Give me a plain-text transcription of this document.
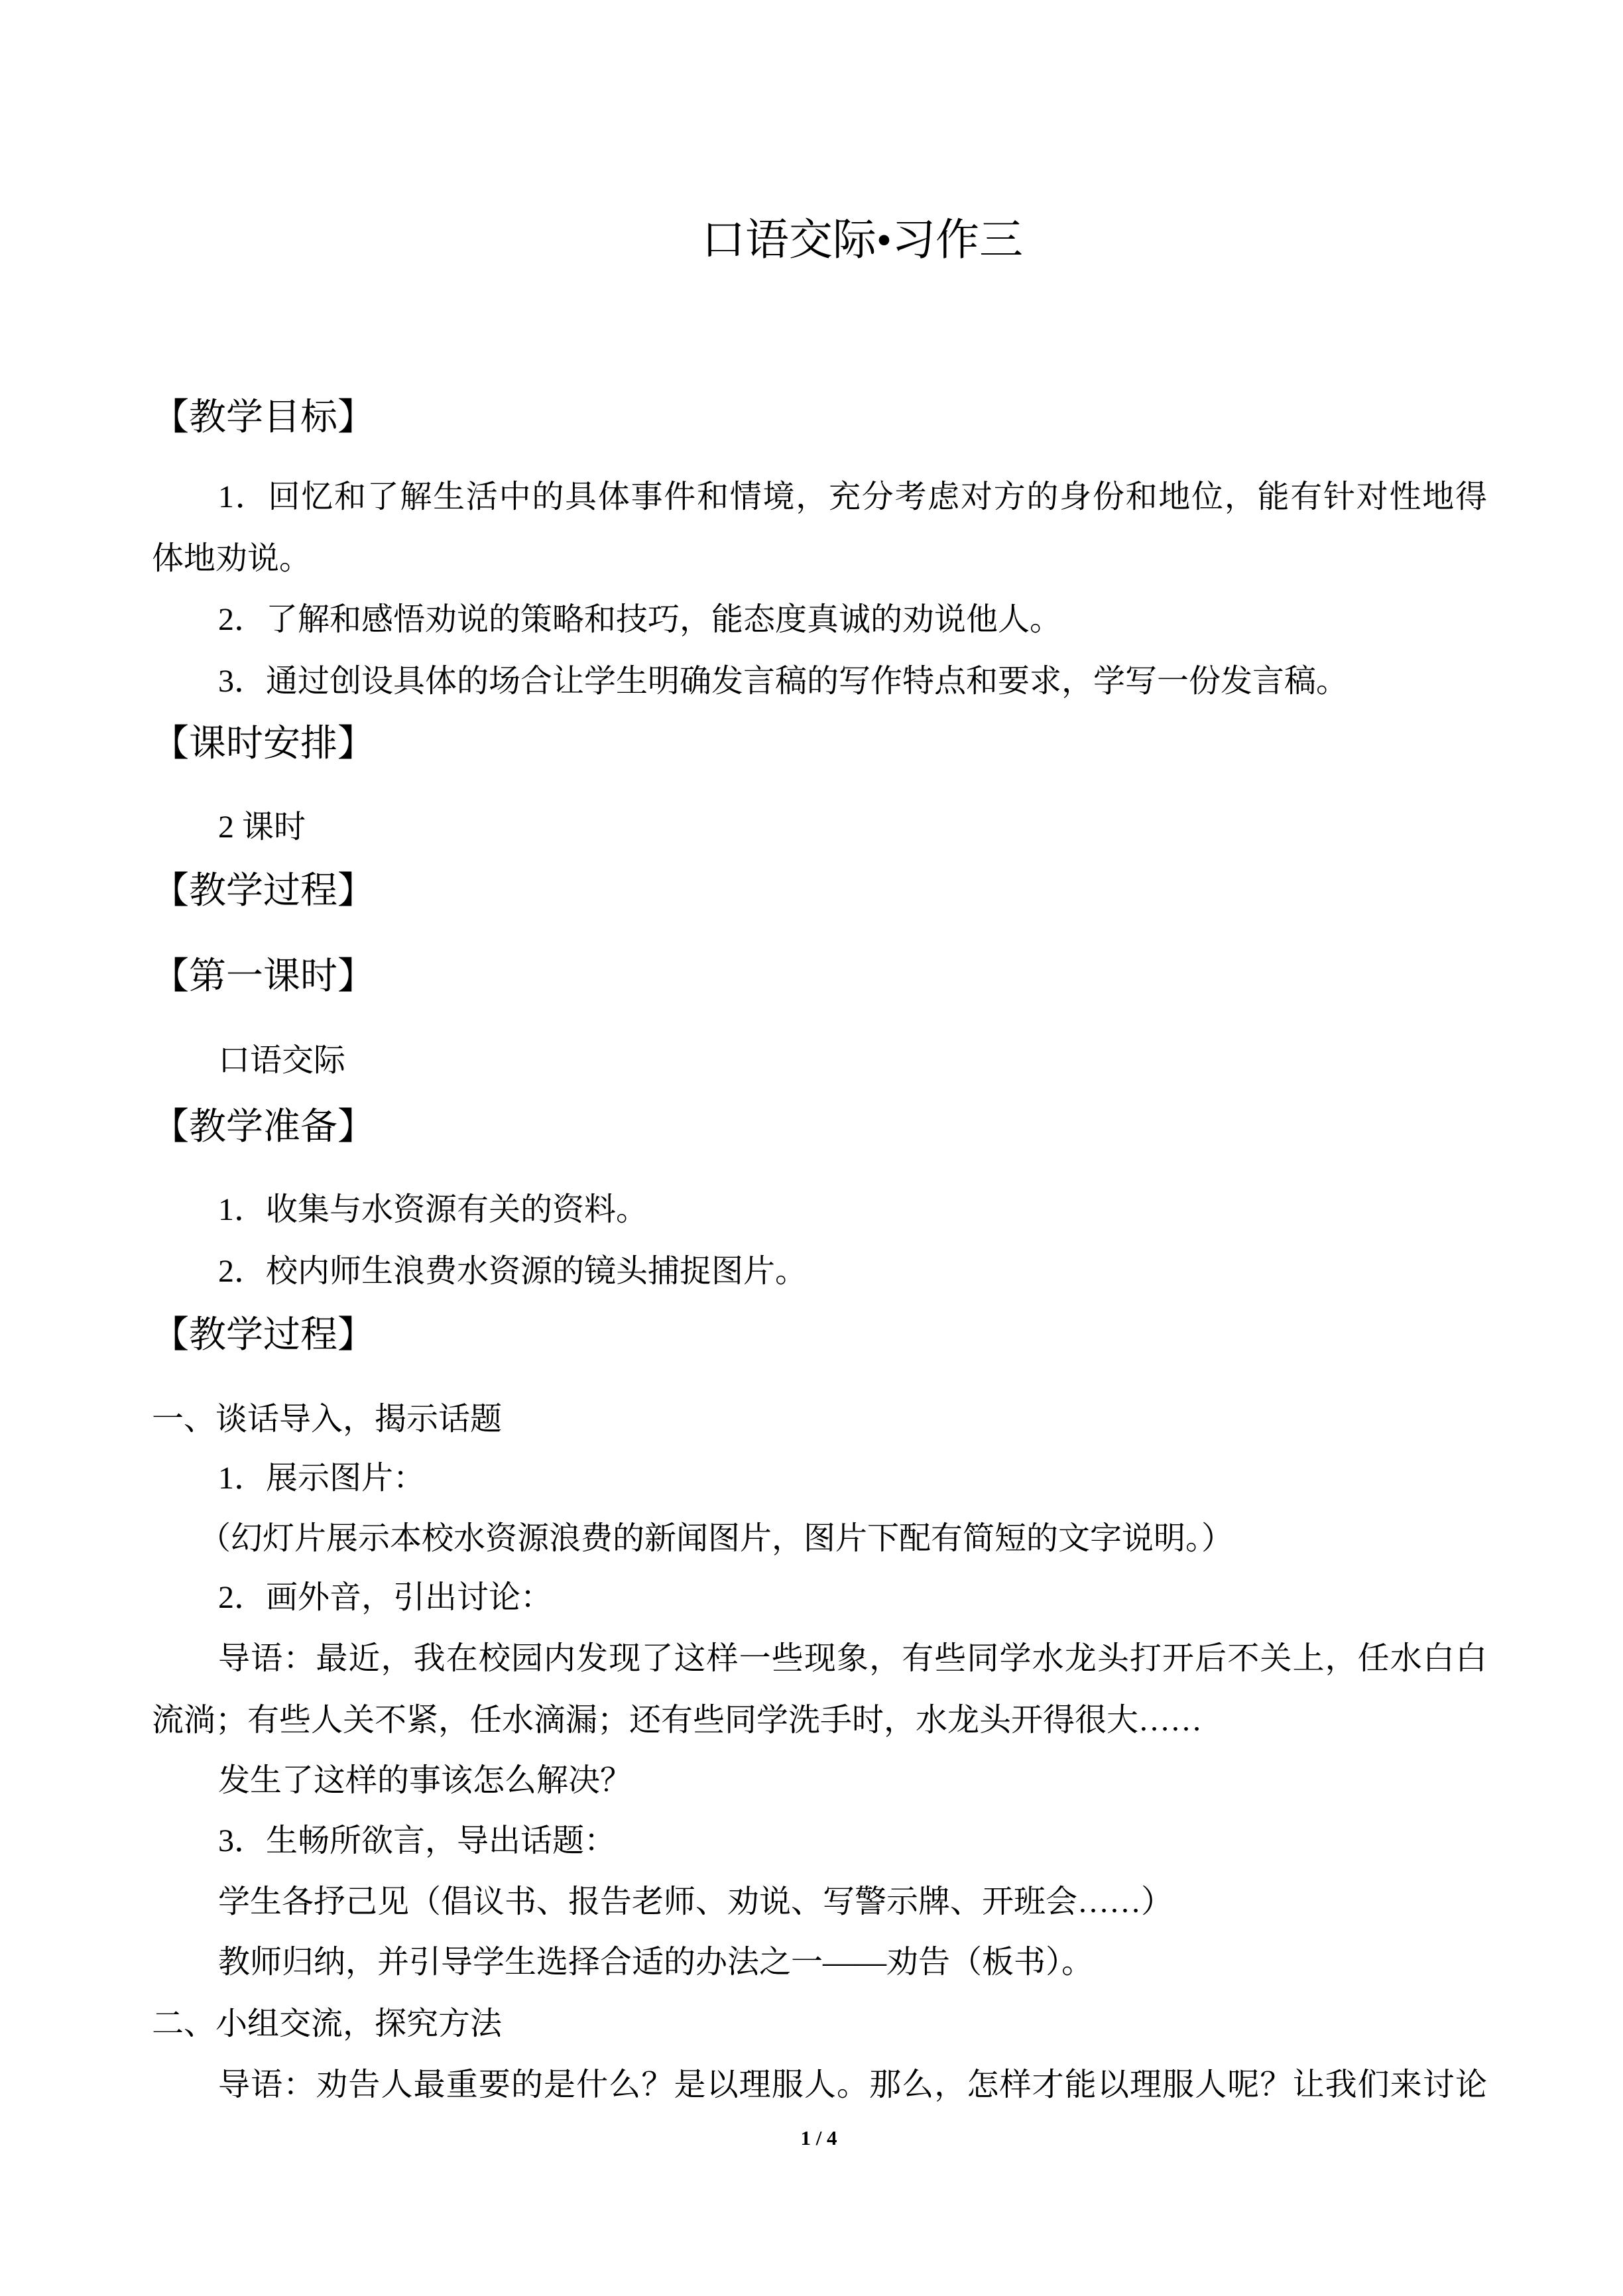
口语交际•习作三
【教学目标】
1．回忆和了解生活中的具体事件和情境，充分考虑对方的身份和地位，能有针对性地得
体地劝说。
2．了解和感悟劝说的策略和技巧，能态度真诚的劝说他人。
3．通过创设具体的场合让学生明确发言稿的写作特点和要求，学写一份发言稿。
【课时安排】
2 课时
【教学过程】
【第一课时】
口语交际
【教学准备】
1．收集与水资源有关的资料。
2．校内师生浪费水资源的镜头捕捉图片。
【教学过程】
一、谈话导入，揭示话题
1．展示图片：
（幻灯片展示本校水资源浪费的新闻图片，图片下配有简短的文字说明。）
2．画外音，引出讨论：
导语：最近，我在校园内发现了这样一些现象，有些同学水龙头打开后不关上，任水白白
流淌；有些人关不紧，任水滴漏；还有些同学洗手时，水龙头开得很大……
发生了这样的事该怎么解决？
3．生畅所欲言，导出话题：
学生各抒己见（倡议书、报告老师、劝说、写警示牌、开班会……）
教师归纳，并引导学生选择合适的办法之一——劝告（板书）。
二、小组交流，探究方法
导语：劝告人最重要的是什么？是以理服人。那么，怎样才能以理服人呢？让我们来讨论
1 / 4
